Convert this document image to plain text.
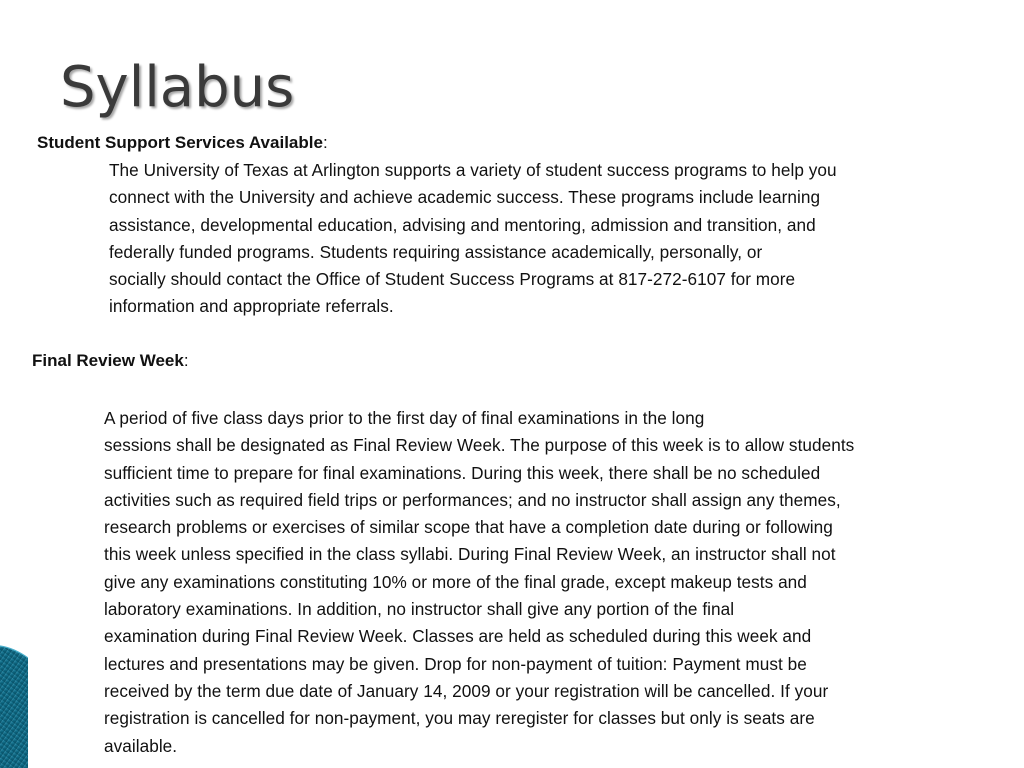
Syllabus
Student Support Services Available:
The University of Texas at Arlington supports a variety of student success programs to help you
connect with the University and achieve academic success. These programs include learning
assistance, developmental education, advising and mentoring, admission and transition, and
federally funded programs. Students requiring assistance academically, personally, or
socially should contact the Office of Student Success Programs at 817-272-6107 for more
information and appropriate referrals.
Final Review Week:
A period of five class days prior to the first day of final examinations in the long
sessions shall be designated as Final Review Week. The purpose of this week is to allow students
sufficient time to prepare for final examinations. During this week, there shall be no scheduled
activities such as required field trips or performances; and no instructor shall assign any themes,
research problems or exercises of similar scope that have a completion date during or following
this week unless specified in the class syllabi. During Final Review Week, an instructor shall not
give any examinations constituting 10% or more of the final grade, except makeup tests and
laboratory examinations. In addition, no instructor shall give any portion of the final
examination during Final Review Week. Classes are held as scheduled during this week and
lectures and presentations may be given. Drop for non-payment of tuition: Payment must be
received by the term due date of January 14, 2009 or your registration will be cancelled. If your
registration is cancelled for non-payment, you may reregister for classes but only is seats are
available.
